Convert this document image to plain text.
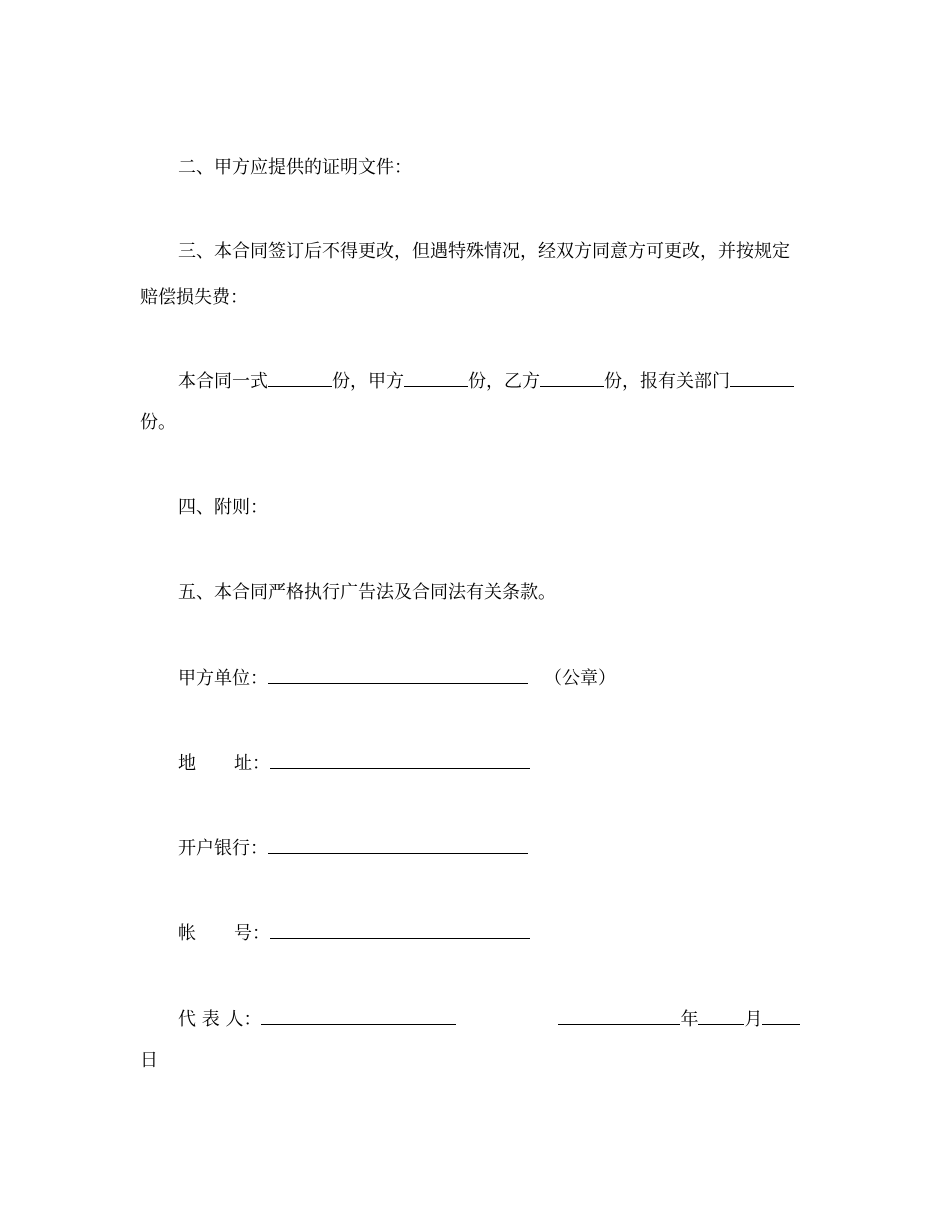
二、甲方应提供的证明文件：
三、本合同签订后不得更改，但遇特殊情况，经双方同意方可更改，并按规定
赔偿损失费：
本合同一式	份，甲方	份，乙方	份，报有关部门
份。
四、附则：
五、本合同严格执行广告法及合同法有关条款。
甲方单位：	（公章）
地 址：
开户银行：
帐 号：
代 表 人：	年	月
日
